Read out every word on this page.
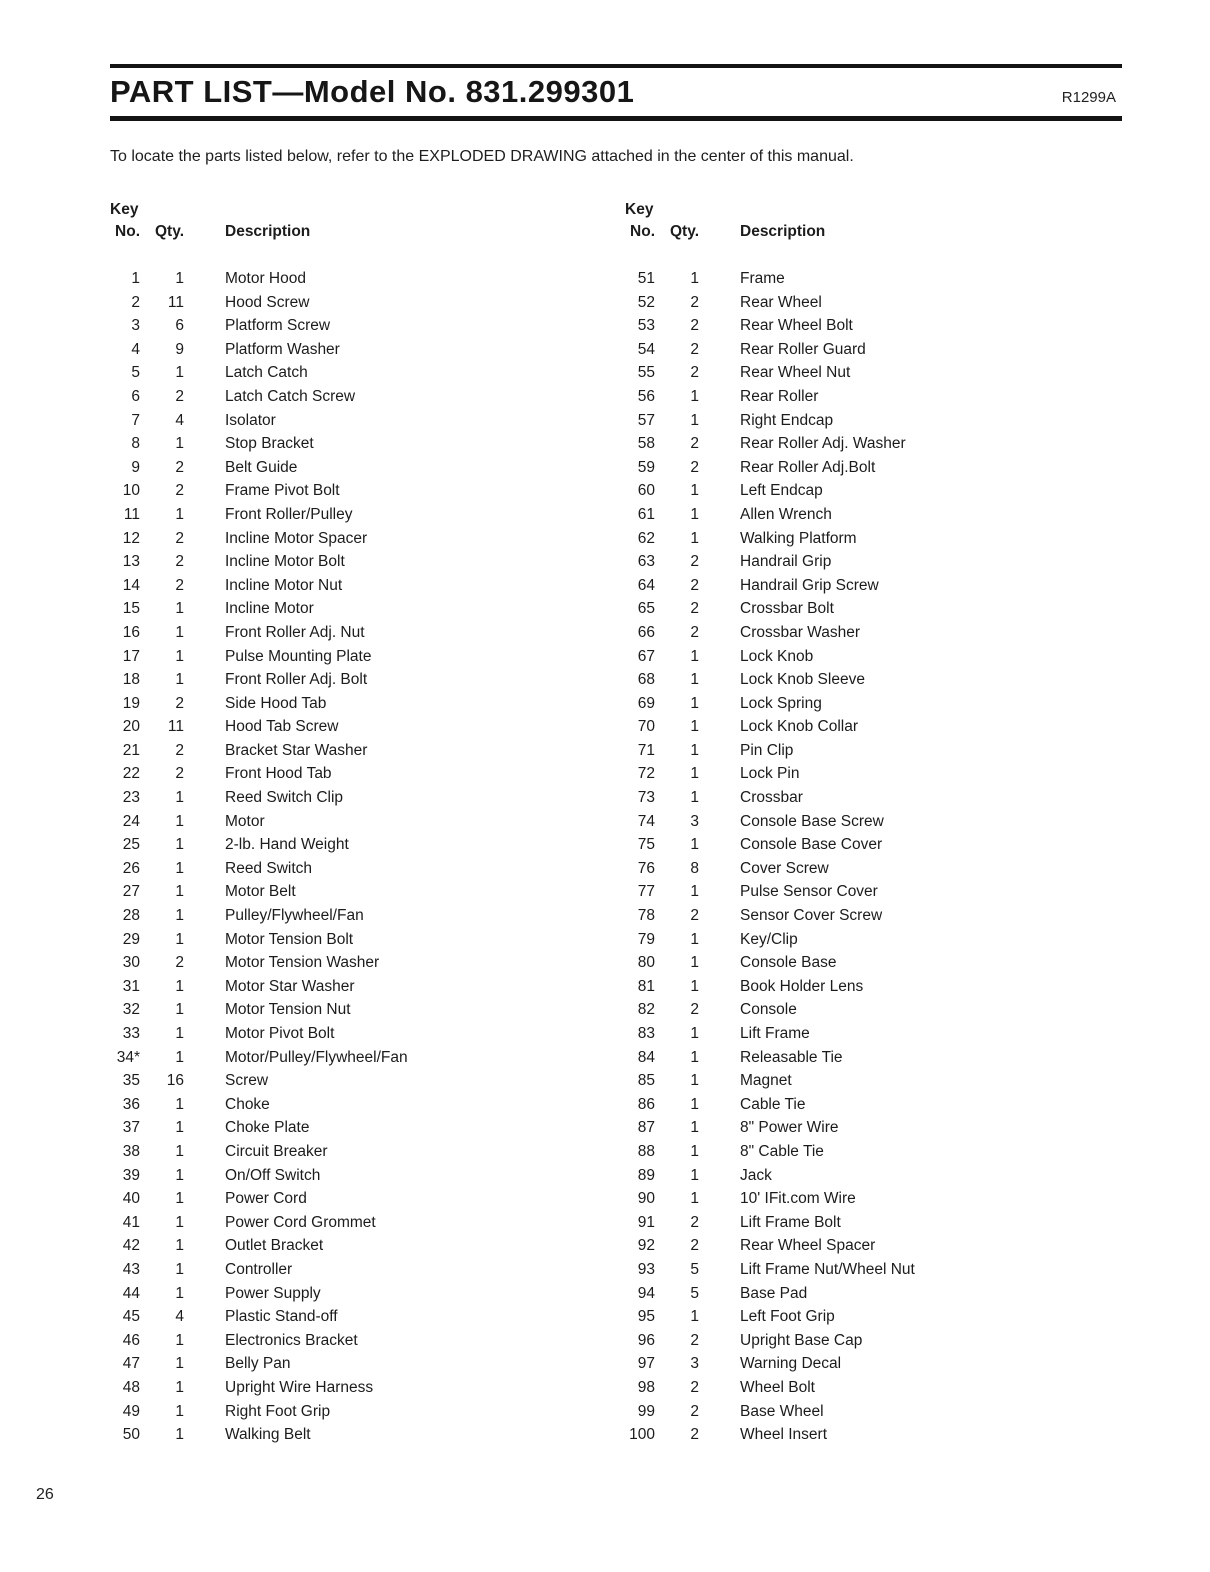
PART LIST—Model No. 831.299301	R1299A
To locate the parts listed below, refer to the EXPLODED DRAWING attached in the center of this manual.
Key
No. Qty.	Description
1	1	Motor Hood
2	11	Hood Screw
3	6	Platform Screw
4	9	Platform Washer
5	1	Latch Catch
6	2	Latch Catch Screw
7	4	Isolator
8	1	Stop Bracket
9	2	Belt Guide
10	2	Frame Pivot Bolt
11	1	Front Roller/Pulley
12	2	Incline Motor Spacer
13	2	Incline Motor Bolt
14	2	Incline Motor Nut
15	1	Incline Motor
16	1	Front Roller Adj. Nut
17	1	Pulse Mounting Plate
18	1	Front Roller Adj. Bolt
19	2	Side Hood Tab
20	11	Hood Tab Screw
21	2	Bracket Star Washer
22	2	Front Hood Tab
23	1	Reed Switch Clip
24	1	Motor
25	1	2-lb. Hand Weight
26	1	Reed Switch
27	1	Motor Belt
28	1	Pulley/Flywheel/Fan
29	1	Motor Tension Bolt
30	2	Motor Tension Washer
31	1	Motor Star Washer
32	1	Motor Tension Nut
33	1	Motor Pivot Bolt
34*	1	Motor/Pulley/Flywheel/Fan
35	16	Screw
36	1	Choke
37	1	Choke Plate
38	1	Circuit Breaker
39	1	On/Off Switch
40	1	Power Cord
41	1	Power Cord Grommet
42	1	Outlet Bracket
43	1	Controller
44	1	Power Supply
45	4	Plastic Stand-off
46	1	Electronics Bracket
47	1	Belly Pan
48	1	Upright Wire Harness
49	1	Right Foot Grip
50	1	Walking Belt
Key
No. Qty.	Description
51	1	Frame
52	2	Rear Wheel
53	2	Rear Wheel Bolt
54	2	Rear Roller Guard
55	2	Rear Wheel Nut
56	1	Rear Roller
57	1	Right Endcap
58	2	Rear Roller Adj. Washer
59	2	Rear Roller Adj.Bolt
60	1	Left Endcap
61	1	Allen Wrench
62	1	Walking Platform
63	2	Handrail Grip
64	2	Handrail Grip Screw
65	2	Crossbar Bolt
66	2	Crossbar Washer
67	1	Lock Knob
68	1	Lock Knob Sleeve
69	1	Lock Spring
70	1	Lock Knob Collar
71	1	Pin Clip
72	1	Lock Pin
73	1	Crossbar
74	3	Console Base Screw
75	1	Console Base Cover
76	8	Cover Screw
77	1	Pulse Sensor Cover
78	2	Sensor Cover Screw
79	1	Key/Clip
80	1	Console Base
81	1	Book Holder Lens
82	2	Console
83	1	Lift Frame
84	1	Releasable Tie
85	1	Magnet
86	1	Cable Tie
87	1	8" Power Wire
88	1	8" Cable Tie
89	1	Jack
90	1	10' IFit.com Wire
91	2	Lift Frame Bolt
92	2	Rear Wheel Spacer
93	5	Lift Frame Nut/Wheel Nut
94	5	Base Pad
95	1	Left Foot Grip
96	2	Upright Base Cap
97	3	Warning Decal
98	2	Wheel Bolt
99	2	Base Wheel
100	2	Wheel Insert
26
